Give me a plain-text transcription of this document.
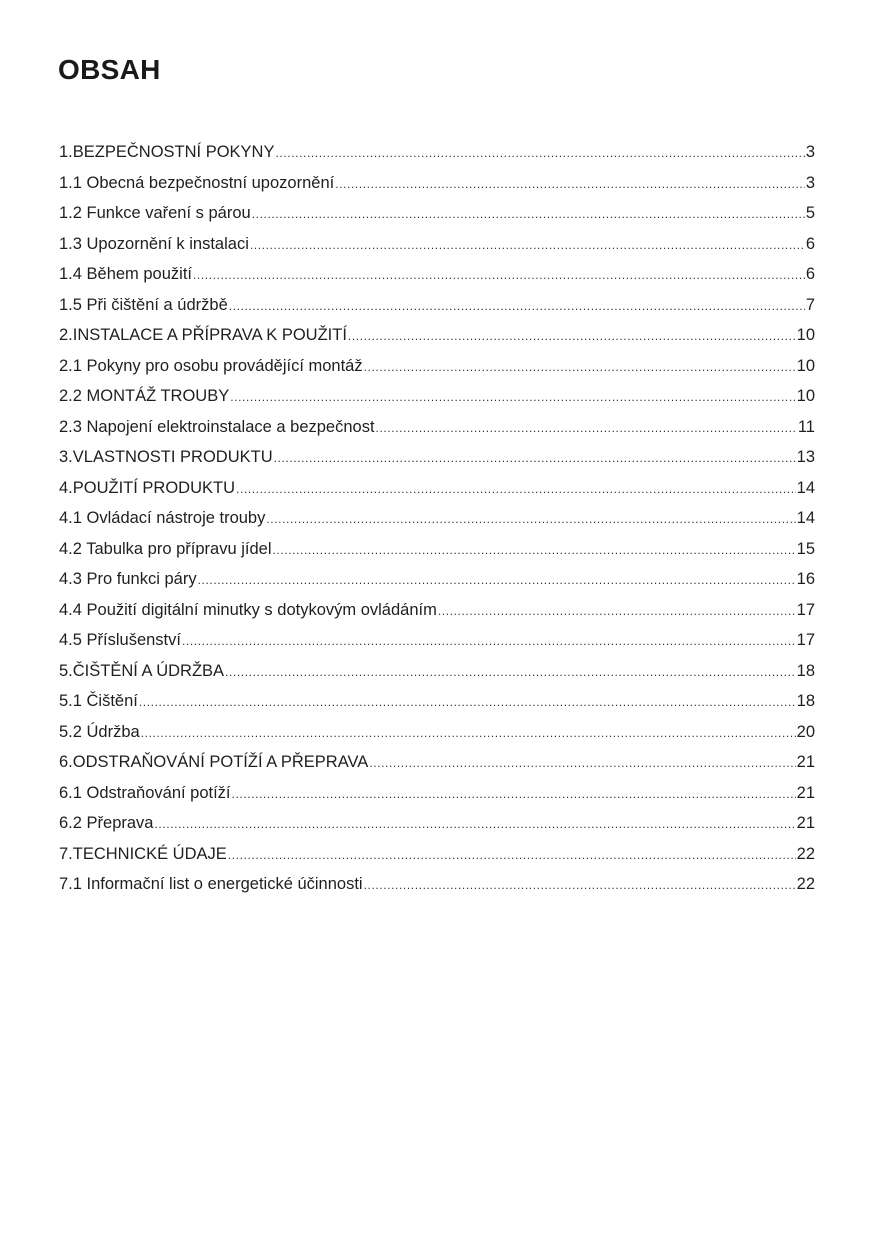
OBSAH
1.BEZPEČNOSTNÍ POKYNY .....	3
1.1 Obecná bezpečnostní upozornění .....	3
1.2 Funkce vaření s párou .....	5
1.3 Upozornění k instalaci .....	6
1.4 Během použití .....	6
1.5 Při čištění a údržbě .....	7
2.INSTALACE A PŘÍPRAVA K POUŽITÍ .....	10
2.1 Pokyny pro osobu provádějící montáž .....	10
2.2 MONTÁŽ TROUBY .....	10
2.3 Napojení elektroinstalace a bezpečnost .....	11
3.VLASTNOSTI PRODUKTU .....	13
4.POUŽITÍ PRODUKTU .....	14
4.1 Ovládací nástroje trouby .....	14
4.2 Tabulka pro přípravu jídel .....	15
4.3 Pro funkci páry .....	16
4.4 Použití digitální minutky s dotykovým ovládáním .....	17
4.5 Příslušenství .....	17
5.ČIŠTĚNÍ A ÚDRŽBA .....	18
5.1 Čištění .....	18
5.2 Údržba .....	20
6.ODSTRAŇOVÁNÍ POTÍŽÍ A PŘEPRAVA .....	21
6.1 Odstraňování potíží .....	21
6.2 Přeprava .....	21
7.TECHNICKÉ ÚDAJE .....	22
7.1 Informační list o energetické účinnosti .....	22
